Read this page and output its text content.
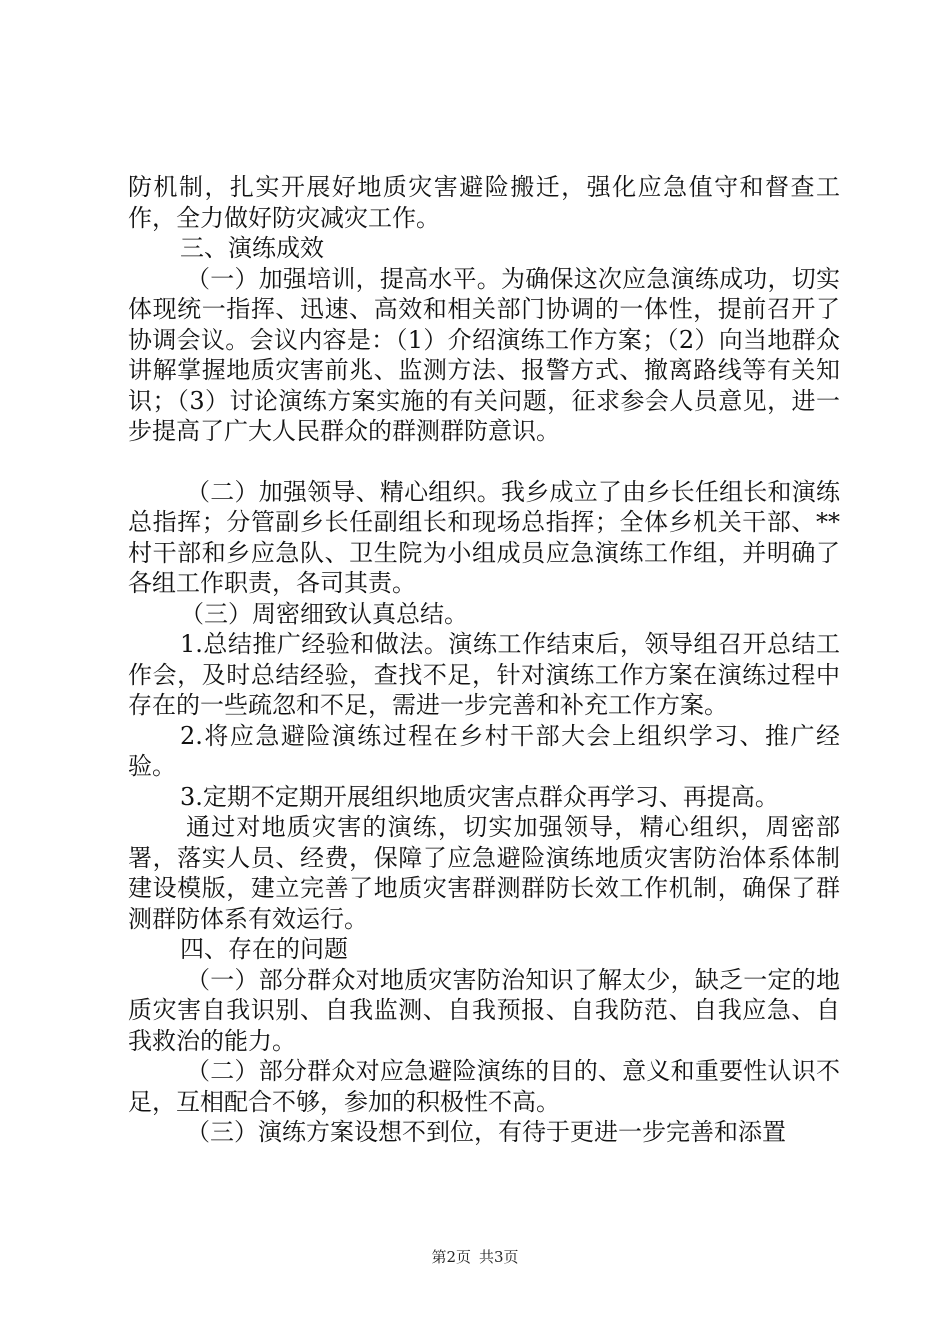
防机制，扎实开展好地质灾害避险搬迁，强化应急值守和督查工作，全力做好防灾减灾工作。

三、演练成效

（一）加强培训，提高水平。为确保这次应急演练成功，切实体现统一指挥、迅速、高效和相关部门协调的一体性，提前召开了协调会议。会议内容是：（1）介绍演练工作方案；（2）向当地群众讲解掌握地质灾害前兆、监测方法、报警方式、撤离路线等有关知识；（3）讨论演练方案实施的有关问题，征求参会人员意见，进一步提高了广大人民群众的群测群防意识。

（二）加强领导、精心组织。我乡成立了由乡长任组长和演练总指挥；分管副乡长任副组长和现场总指挥；全体乡机关干部、**村干部和乡应急队、卫生院为小组成员应急演练工作组，并明确了各组工作职责，各司其责。

（三）周密细致认真总结。

1.总结推广经验和做法。演练工作结束后，领导组召开总结工作会，及时总结经验，查找不足，针对演练工作方案在演练过程中存在的一些疏忽和不足，需进一步完善和补充工作方案。

2.将应急避险演练过程在乡村干部大会上组织学习、推广经验。

3.定期不定期开展组织地质灾害点群众再学习、再提高。

通过对地质灾害的演练，切实加强领导，精心组织，周密部署，落实人员、经费，保障了应急避险演练地质灾害防治体系体制建设模版，建立完善了地质灾害群测群防长效工作机制，确保了群测群防体系有效运行。

四、存在的问题

（一）部分群众对地质灾害防治知识了解太少，缺乏一定的地质灾害自我识别、自我监测、自我预报、自我防范、自我应急、自我救治的能力。

（二）部分群众对应急避险演练的目的、意义和重要性认识不足，互相配合不够，参加的积极性不高。

（三）演练方案设想不到位，有待于更进一步完善和添置

第2页 共3页
